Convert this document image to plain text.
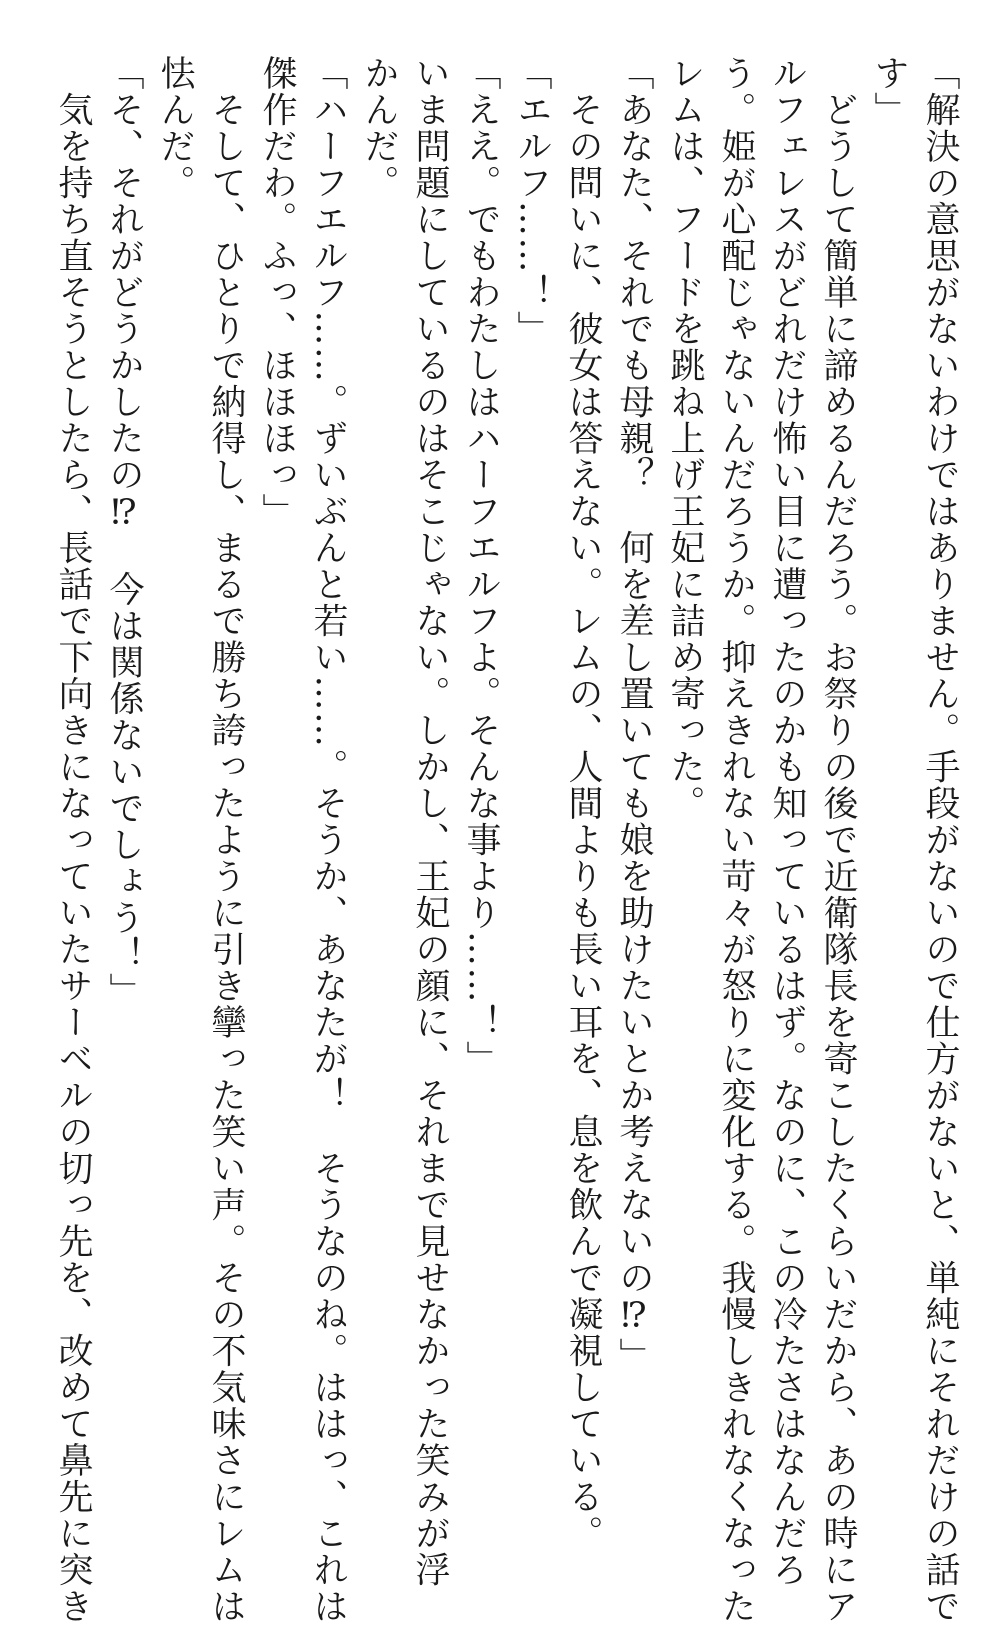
「解決の意思がないわけではありません。手段がないので仕方がないと、単純にそれだけの話で
す」
　どうして簡単に諦めるんだろう。お祭りの後で近衛隊長を寄こしたくらいだから、あの時にア
ルフェレスがどれだけ怖い目に遭ったのかも知っているはず。なのに、この冷たさはなんだろ
う。姫が心配じゃないんだろうか。抑えきれない苛々が怒りに変化する。我慢しきれなくなった
レムは、フードを跳ね上げ王妃に詰め寄った。
「あなた、それでも母親？　何を差し置いても娘を助けたいとか考えないの⁉」
　その問いに、彼女は答えない。レムの、人間よりも長い耳を、息を飲んで凝視している。
「エルフ……！」
「ええ。でもわたしはハーフエルフよ。そんな事より……！」
いま問題にしているのはそこじゃない。しかし、王妃の顔に、それまで見せなかった笑みが浮
かんだ。
「ハーフエルフ……。ずいぶんと若い……。そうか、あなたが！　そうなのね。ははっ、これは
傑作だわ。ふっ、ほほほっ」
　そして、ひとりで納得し、まるで勝ち誇ったように引き攣った笑い声。その不気味さにレムは
怯んだ。
「そ、それがどうかしたの⁉　今は関係ないでしょう！」
　気を持ち直そうとしたら、長話で下向きになっていたサーベルの切っ先を、改めて鼻先に突き
